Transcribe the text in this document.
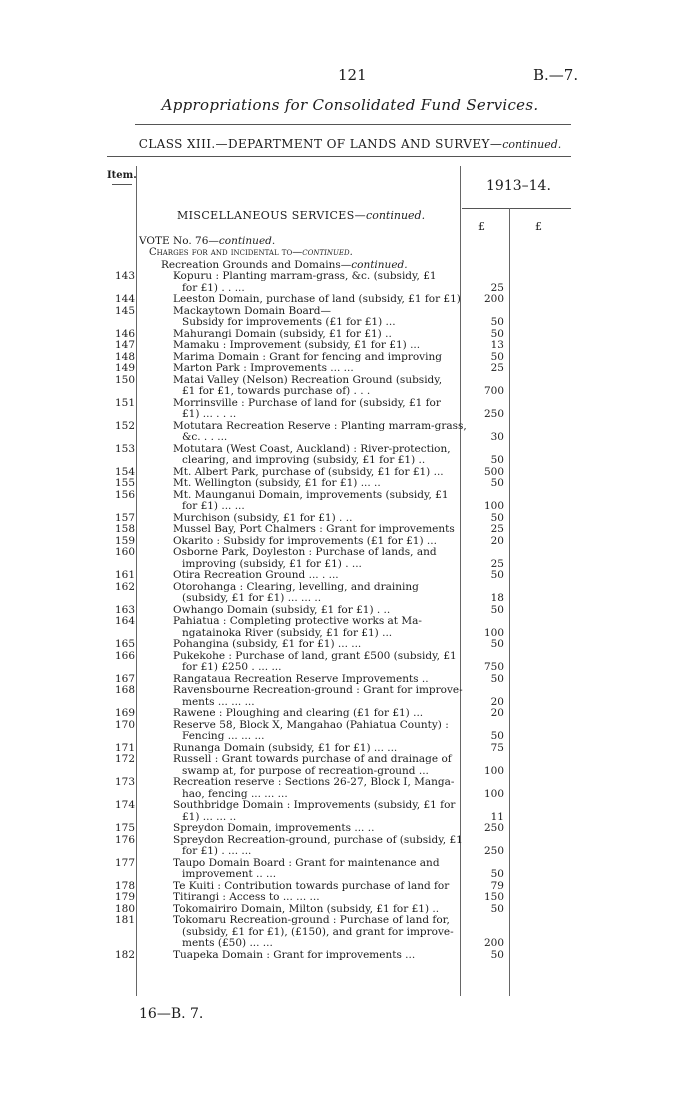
121	B.—7.
Appropriations for Consolidated Fund Services.
CLASS XIII.—DEPARTMENT OF LANDS AND SURVEY—continued.
Item.
1913–14.
£	£
MISCELLANEOUS SERVICES—continued.
VOTE No. 76—continued.
Charges for and incidental to—continued.
Recreation Grounds and Domains—continued.
143	Kopuru : Planting marram-grass, &c. (subsidy, £1
for £1) . . ...	25
144	Leeston Domain, purchase of land (subsidy, £1 for £1)	200
145	Mackaytown Domain Board—
Subsidy for improvements (£1 for £1) ...	50
146	Mahurangi Domain (subsidy, £1 for £1) ..	50
147	Mamaku : Improvement (subsidy, £1 for £1) ...	13
148	Marima Domain : Grant for fencing and improving	50
149	Marton Park : Improvements ... ...	25
150	Matai Valley (Nelson) Recreation Ground (subsidy,
£1 for £1, towards purchase of) . . .	700
151	Morrinsville : Purchase of land for (subsidy, £1 for
£1) ... . . ..	250
152	Motutara Recreation Reserve : Planting marram-grass,
&c. . . ...	30
153	Motutara (West Coast, Auckland) : River-protection,
clearing, and improving (subsidy, £1 for £1) ..	50
154	Mt. Albert Park, purchase of (subsidy, £1 for £1) ...	500
155	Mt. Wellington (subsidy, £1 for £1) ... ..	50
156	Mt. Maunganui Domain, improvements (subsidy, £1
for £1) ... ...	100
157	Murchison (subsidy, £1 for £1) . ..	50
158	Mussel Bay, Port Chalmers : Grant for improvements	25
159	Okarito : Subsidy for improvements (£1 for £1) ...	20
160	Osborne Park, Doyleston : Purchase of lands, and
improving (subsidy, £1 for £1) . ...	25
161	Otira Recreation Ground ... . ...	50
162	Otorohanga : Clearing, levelling, and draining
(subsidy, £1 for £1) ... ... ..	18
163	Owhango Domain (subsidy, £1 for £1) . ..	50
164	Pahiatua : Completing protective works at Ma-
ngatainoka River (subsidy, £1 for £1) ...	100
165	Pohangina (subsidy, £1 for £1) ... ...	50
166	Pukekohe : Purchase of land, grant £500 (subsidy, £1
for £1) £250 . ... ...	750
167	Rangataua Recreation Reserve Improvements ..	50
168	Ravensbourne Recreation-ground : Grant for improve-
ments ... ... ...	20
169	Rawene : Ploughing and clearing (£1 for £1) ...	20
170	Reserve 58, Block X, Mangahao (Pahiatua County) :
Fencing ... ... ...	50
171	Runanga Domain (subsidy, £1 for £1) ... ...	75
172	Russell : Grant towards purchase of and drainage of
swamp at, for purpose of recreation-ground ...	100
173	Recreation reserve : Sections 26-27, Block I, Manga-
hao, fencing ... ... ...	100
174	Southbridge Domain : Improvements (subsidy, £1 for
£1) ... ... ..	11
175	Spreydon Domain, improvements ... ..	250
176	Spreydon Recreation-ground, purchase of (subsidy, £1
for £1) . ... ...	250
177	Taupo Domain Board : Grant for maintenance and
improvement .. ...	50
178	Te Kuiti : Contribution towards purchase of land for	79
179	Titirangi : Access to ... ... ...	150
180	Tokomairiro Domain, Milton (subsidy, £1 for £1) ..	50
181	Tokomaru Recreation-ground : Purchase of land for,
(subsidy, £1 for £1), (£150), and grant for improve-
ments (£50) ... ...	200
182	Tuapeka Domain : Grant for improvements ...	50
16—B. 7.
